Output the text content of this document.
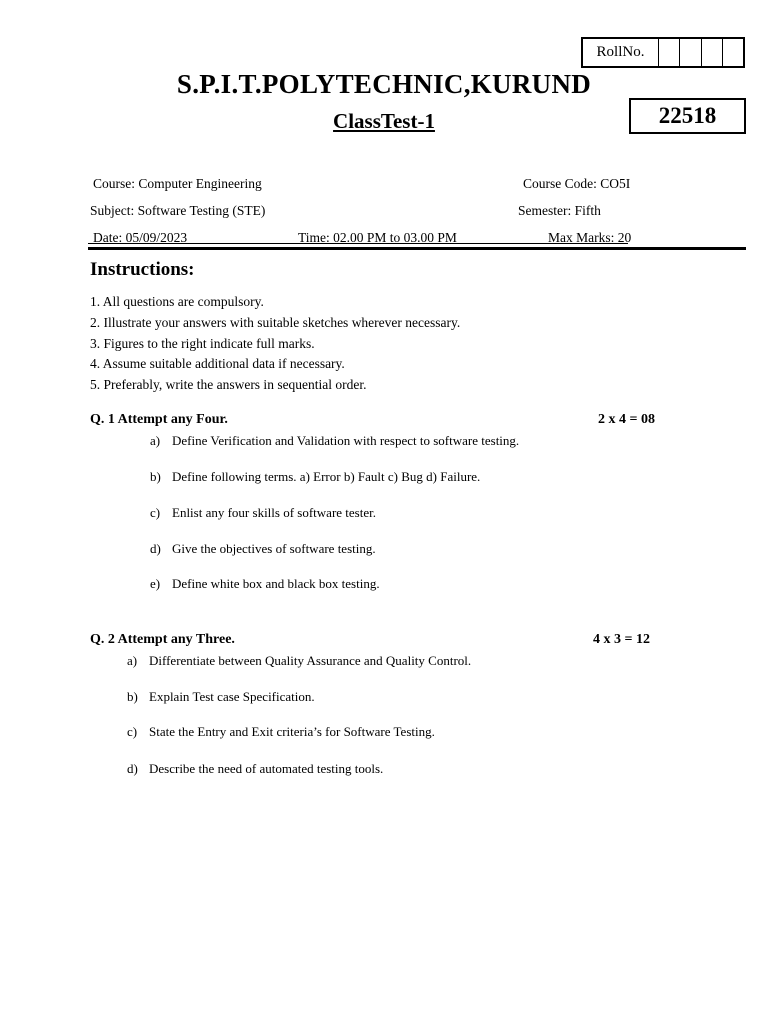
RollNo.
S.P.I.T.POLYTECHNIC,KURUND
ClassTest-1	22518
Course: Computer Engineering	Course Code: CO5I
Subject: Software Testing (STE)	Semester: Fifth
Date: 05/09/2023	Time: 02.00 PM to 03.00 PM	Max Marks: 20
Instructions:
1. All questions are compulsory.
2. Illustrate your answers with suitable sketches wherever necessary.
3. Figures to the right indicate full marks.
4. Assume suitable additional data if necessary.
5. Preferably, write the answers in sequential order.
Q. 1 Attempt any Four.	2 x 4 = 08
a) Define Verification and Validation with respect to software testing.
b) Define following terms. a) Error b) Fault c) Bug d) Failure.
c) Enlist any four skills of software tester.
d) Give the objectives of software testing.
e) Define white box and black box testing.
Q. 2 Attempt any Three.	4 x 3 = 12
a) Differentiate between Quality Assurance and Quality Control.
b) Explain Test case Specification.
c) State the Entry and Exit criteria’s for Software Testing.
d) Describe the need of automated testing tools.
